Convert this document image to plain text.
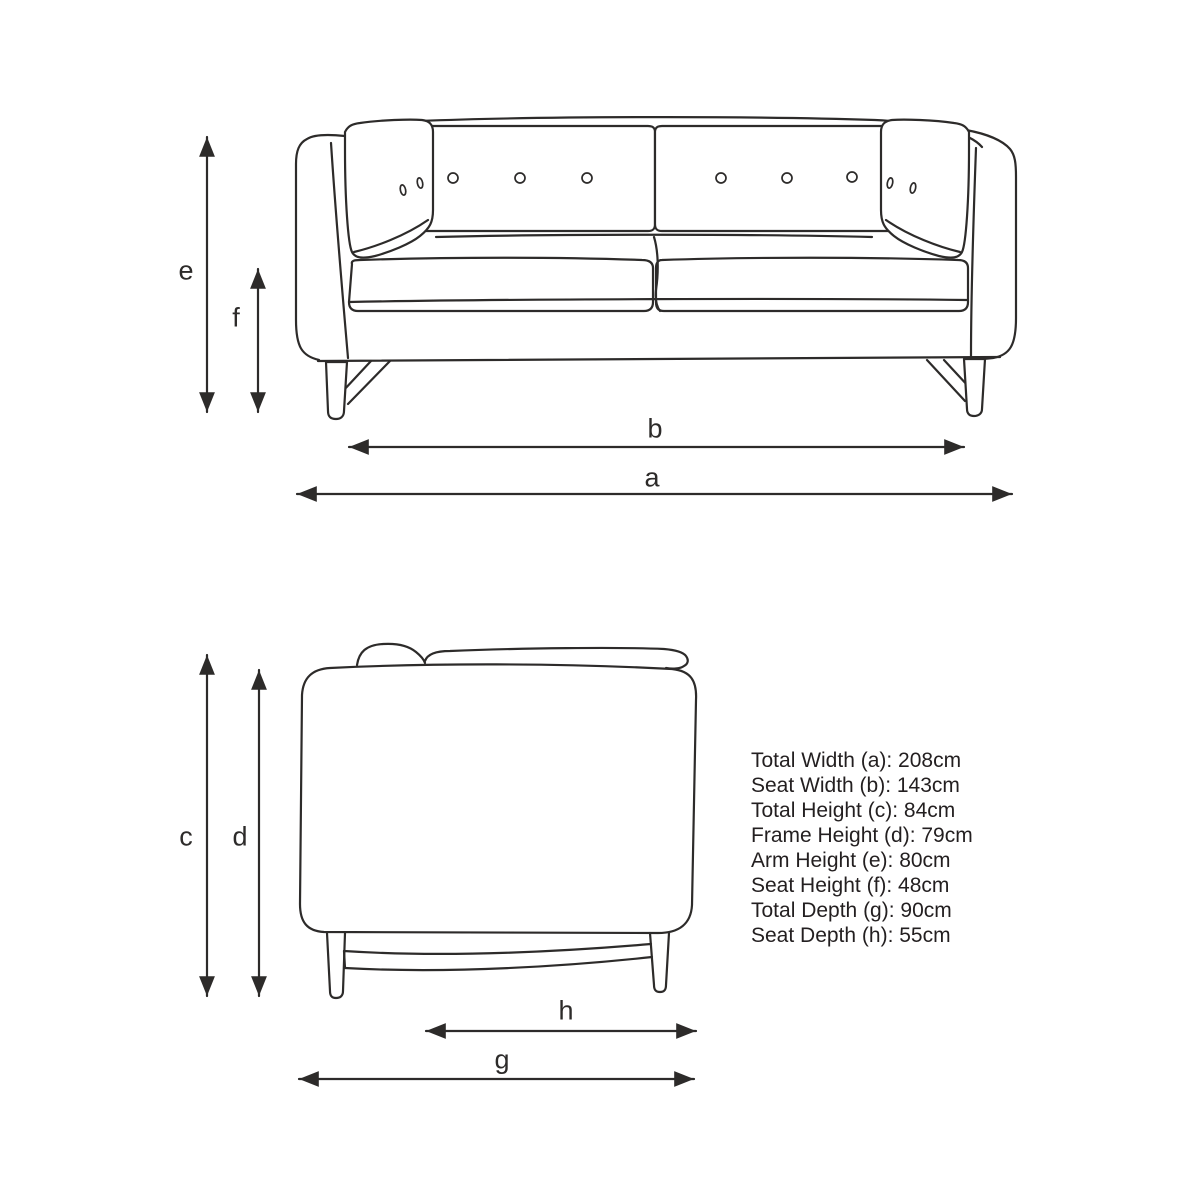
e
f
b
a
c d
h
g
Total Width (a): 208cm
Seat Width (b): 143cm
Total Height (c): 84cm
Frame Height (d): 79cm
Arm Height (e): 80cm
Seat Height (f): 48cm
Total Depth (g): 90cm
Seat Depth (h): 55cm
